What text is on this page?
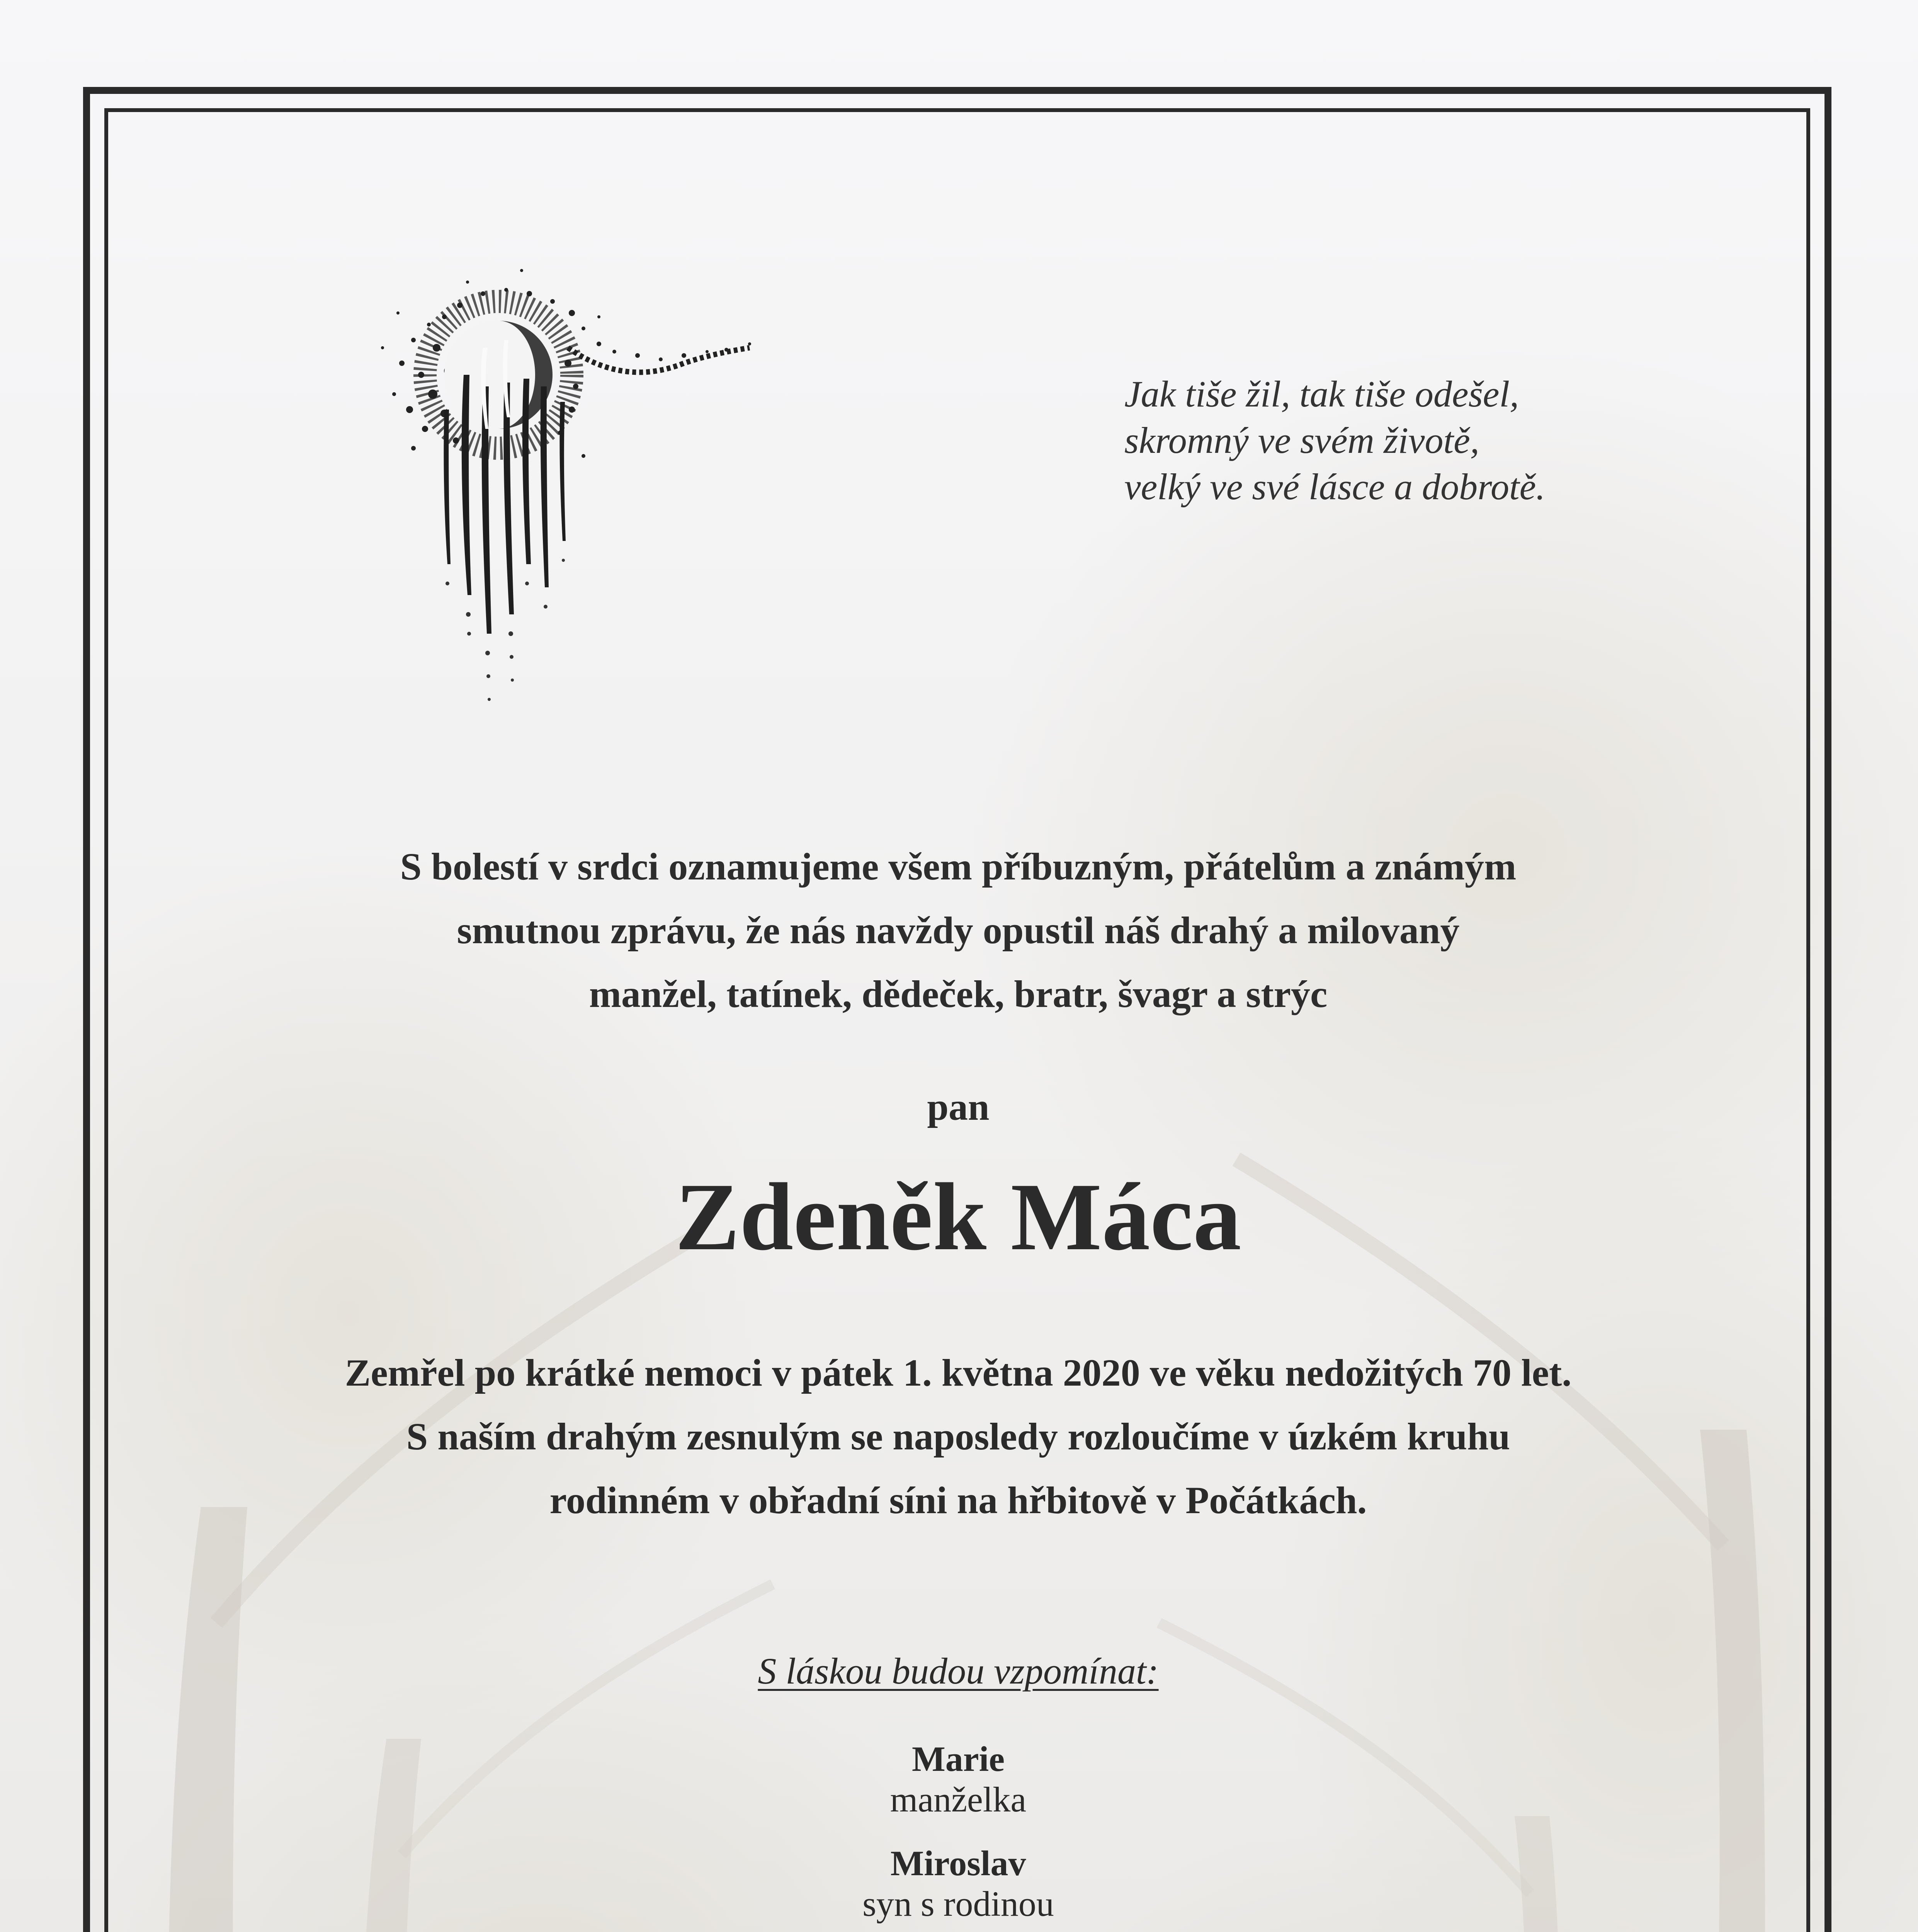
Jak tiše žil, tak tiše odešel,
skromný ve svém životě,
velký ve své lásce a dobrotě.
S bolestí v srdci oznamujeme všem příbuzným, přátelům a známým
smutnou zprávu, že nás navždy opustil náš drahý a milovaný
manžel, tatínek, dědeček, bratr, švagr a strýc
pan
Zdeněk Máca
Zemřel po krátké nemoci v pátek 1. května 2020 ve věku nedožitých 70 let.
S naším drahým zesnulým se naposledy rozloučíme v úzkém kruhu
rodinném v obřadní síni na hřbitově v Počátkách.
S láskou budou vzpomínat:
Marie
manželka
Miroslav
syn s rodinou
